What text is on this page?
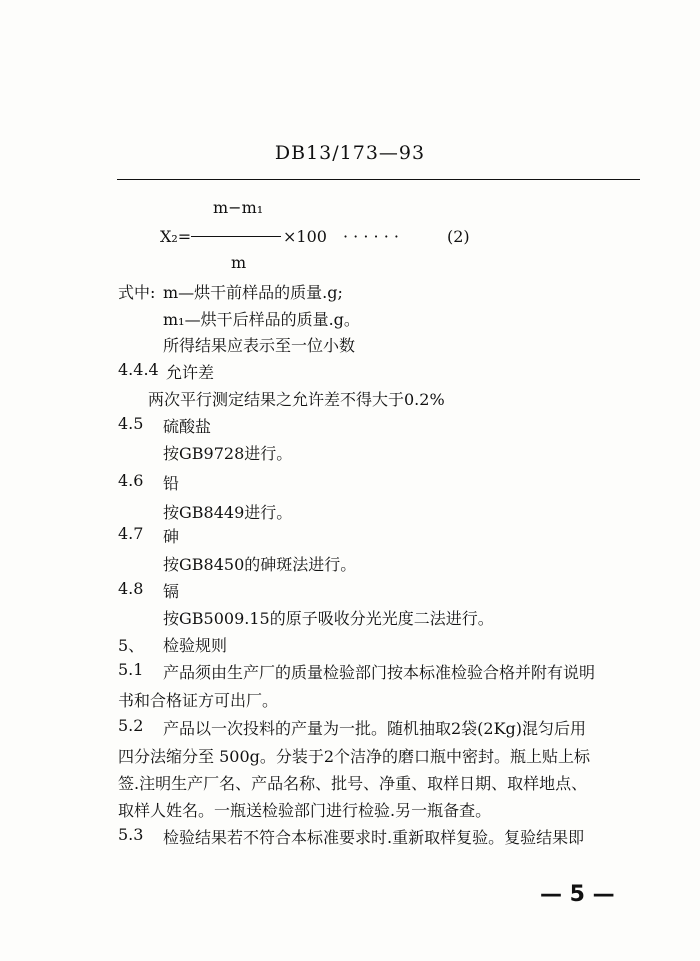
DB13/173—93
m−m₁
X₂=	×100 · · · · · ·	(2)
m
式中: m—烘干前样品的质量.g;
m₁—烘干后样品的质量.g。
所得结果应表示至一位小数
4.4.4 允许差
两次平行测定结果之允许差不得大于0.2%
4.5 硫酸盐
按GB9728进行。
4.6 铅
按GB8449进行。
4.7 砷
按GB8450的砷斑法进行。
4.8 镉
按GB5009.15的原子吸收分光光度二法进行。
5、 检验规则
5.1 产品须由生产厂的质量检验部门按本标准检验合格并附有说明
书和合格证方可出厂。
5.2 产品以一次投料的产量为一批。随机抽取2袋(2Kg)混匀后用
四分法缩分至 500g。分装于2个洁净的磨口瓶中密封。瓶上贴上标
签.注明生产厂名、产品名称、批号、净重、取样日期、取样地点、
取样人姓名。一瓶送检验部门进行检验.另一瓶备查。
5.3 检验结果若不符合本标准要求时.重新取样复验。复验结果即
— 5 —
